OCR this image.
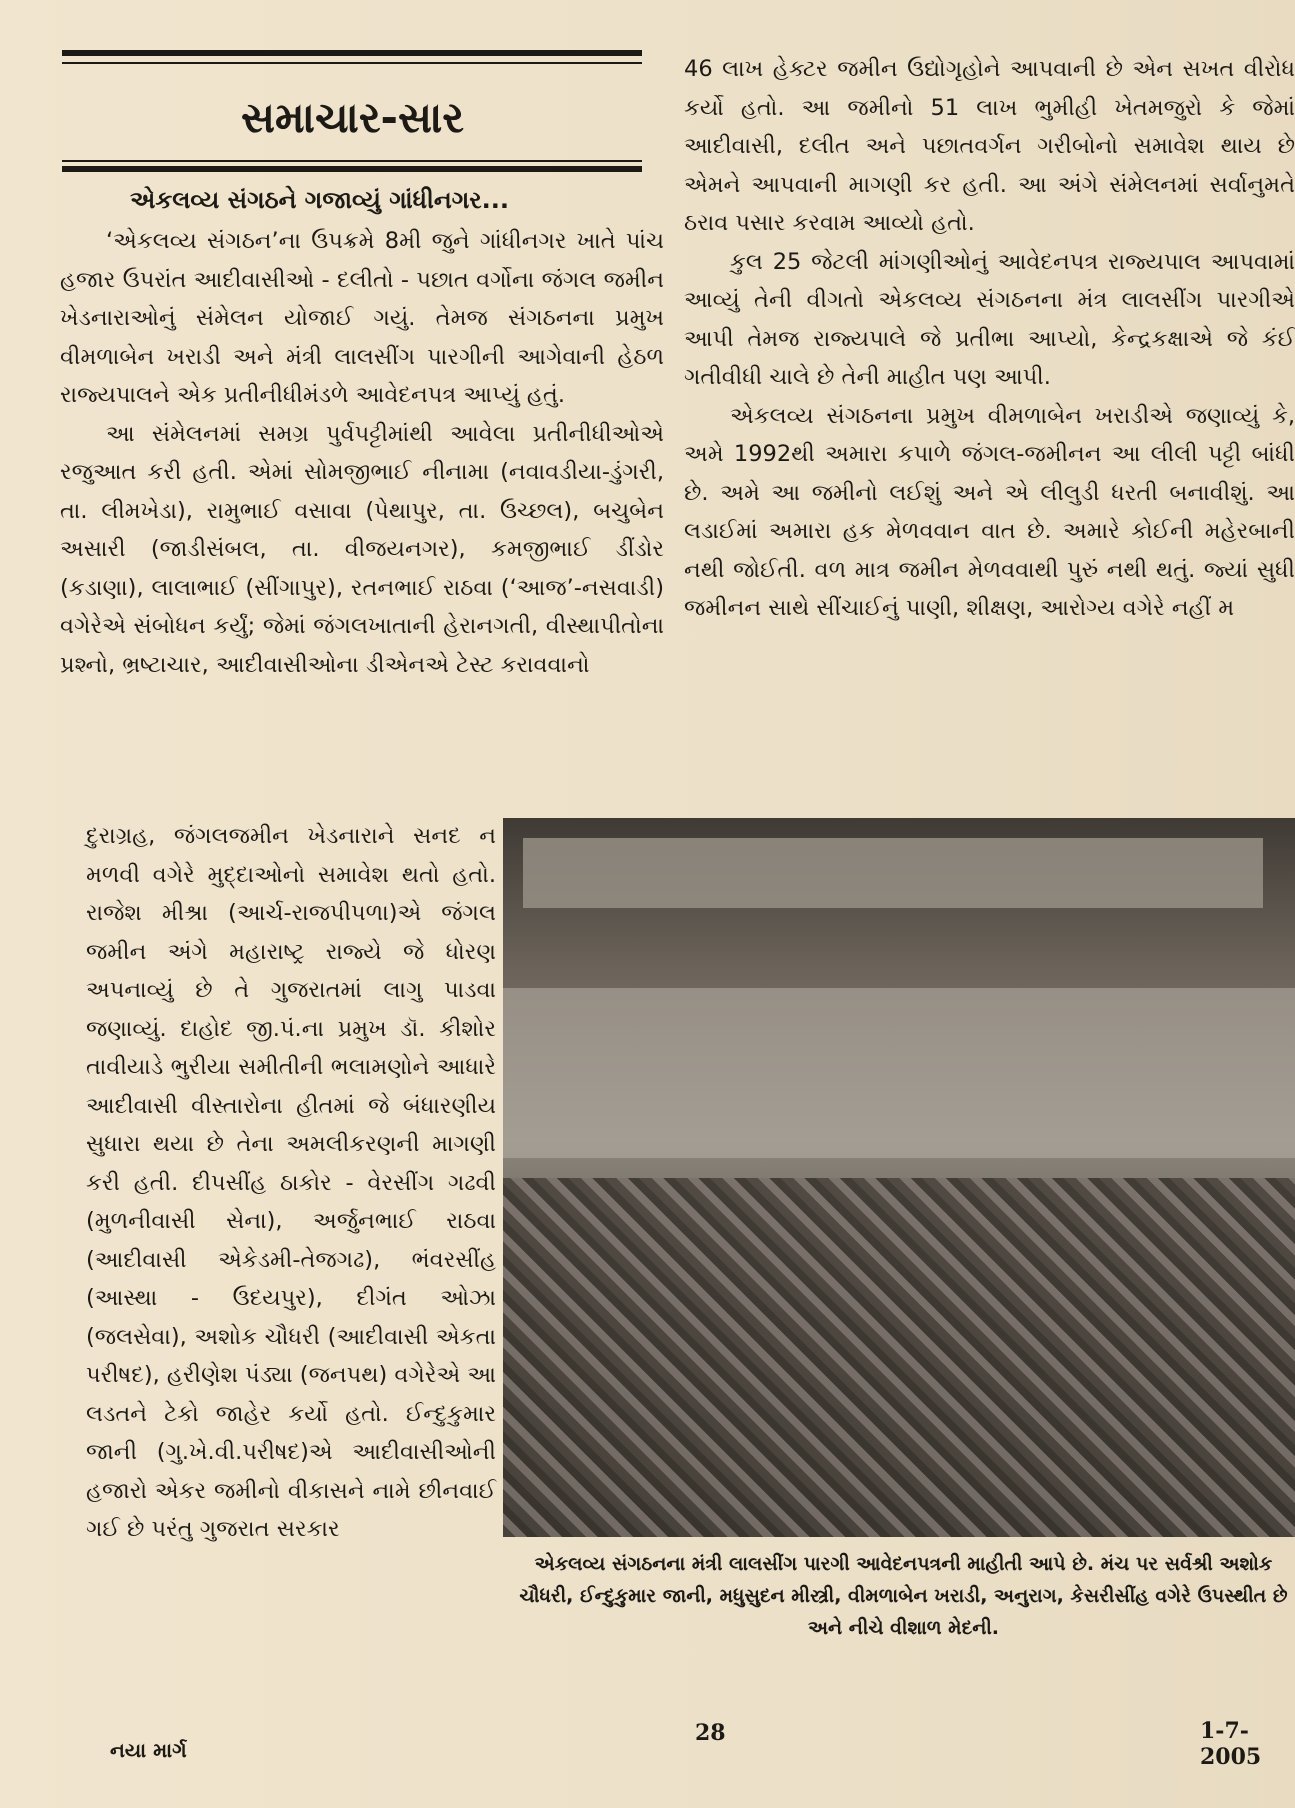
સમાચાર-સાર
એકલવ્ય સંગઠને ગજાવ્યું ગાંધીનગર...

‘એકલવ્ય સંગઠન’ના ઉપક્રમે 8મી જુને ગાંધીનગર ખાતે પાંચ હજાર ઉપરાંત આદીવાસીઓ - દલીતો - પછાત વર્ગોના જંગલ જમીન ખેડનારાઓનું સંમેલન યોજાઈ ગયું. તેમજ સંગઠનના પ્રમુખ વીમળાબેન ખરાડી અને મંત્રી લાલસીંગ પારગીની આગેવાની હેઠળ રાજ્યપાલને એક પ્રતીનીધીમંડળે આવેદનપત્ર આપ્યું હતું.

આ સંમેલનમાં સમગ્ર પુર્વપટ્ટીમાંથી આવેલા પ્રતીનીધીઓએ રજુઆત કરી હતી. એમાં સોમજીભાઈ નીનામા (નવાવડીયા-ડુંગરી, તા. લીમખેડા), રામુભાઈ વસાવા (પેથાપુર, તા. ઉચ્છલ), બચુબેન અસારી (જાડીસંબલ, તા. વીજયનગર), કમજીભાઈ ડીંડોર (કડાણા), લાલાભાઈ (સીંગાપુર), રતનભાઈ રાઠવા (‘આજ’-નસવાડી) વગેરેએ સંબોધન કર્યું; જેમાં જંગલખાતાની હેરાનગતી, વીસ્થાપીતોના પ્રશ્નો, ભ્રષ્ટાચાર, આદીવાસીઓના ડીએનએ ટેસ્ટ કરાવવાનો

દુરાગ્રહ, જંગલજમીન ખેડનારાને સનદ ન મળવી વગેરે મુદ્દાઓનો સમાવેશ થતો હતો. રાજેશ મીશ્રા (આર્ચ-રાજપીપળા)એ જંગલ જમીન અંગે મહારાષ્ટ્ર રાજ્યે જે ધોરણ અપનાવ્યું છે તે ગુજરાતમાં લાગુ પાડવા જણાવ્યું. દાહોદ જી.પં.ના પ્રમુખ ડૉ. કીશોર તાવીયાડે ભુરીયા સમીતીની ભલામણોને આધારે આદીવાસી વીસ્તારોના હીતમાં જે બંધારણીય સુધારા થયા છે તેના અમલીકરણની માગણી કરી હતી. દીપસીંહ ઠાકોર - વેરસીંગ ગઢવી (મુળનીવાસી સેના), અર્જુનભાઈ રાઠવા (આદીવાસી એકેડમી-તેજગઢ), ભંવરસીંહ (આસ્થા - ઉદયપુર), દીગંત ઓઝા (જલસેવા), અશોક ચૌધરી (આદીવાસી એકતા પરીષદ), હરીણેશ પંડ્યા (જનપથ) વગેરેએ આ લડતને ટેકો જાહેર કર્યો હતો. ઈન્દુકુમાર જાની (ગુ.ખે.વી.પરીષદ)એ આદીવાસીઓની હજારો એકર જમીનો વીકાસને નામે છીનવાઈ ગઈ છે પરંતુ ગુજરાત સરકાર

46 લાખ હેક્ટર જમીન ઉદ્યોગૃહોને આપવાની છે એન સખત વીરોધ કર્યો હતો. આ જમીનો 51 લાખ ભુમીહી ખેતમજુરો કે જેમાં આદીવાસી, દલીત અને પછાતવર્ગન ગરીબોનો સમાવેશ થાય છે એમને આપવાની માગણી કર હતી. આ અંગે સંમેલનમાં સર્વાનુમતે ઠરાવ પસાર કરવામ આવ્યો હતો.

કુલ 25 જેટલી માંગણીઓનું આવેદનપત્ર રાજ્યપાલ આપવામાં આવ્યું તેની વીગતો એકલવ્ય સંગઠનના મંત્ર લાલસીંગ પારગીએ આપી તેમજ રાજ્યપાલે જે પ્રતીભા આપ્યો, કેન્દ્રકક્ષાએ જે કંઈ ગતીવીધી ચાલે છે તેની માહીત પણ આપી.

એકલવ્ય સંગઠનના પ્રમુખ વીમળાબેન ખરાડીએ જણાવ્યું કે, અમે 1992થી અમારા કપાળે જંગલ-જમીનન આ લીલી પટ્ટી બાંધી છે. અમે આ જમીનો લઈશું અને એ લીલુડી ધરતી બનાવીશું. આ લડાઈમાં અમારા હક મેળવવાન વાત છે. અમારે કોઈની મહેરબાની નથી જોઈતી. વળ માત્ર જમીન મેળવવાથી પુરું નથી થતું. જ્યાં સુધી જમીનન સાથે સીંચાઈનું પાણી, શીક્ષણ, આરોગ્ય વગેરે નહીં મ

એકલવ્ય સંગઠનના મંત્રી લાલસીંગ પારગી આવેદનપત્રની માહીતી આપે છે. મંચ પર સર્વશ્રી અશોક ચૌધરી, ઈન્દુકુમાર જાની, મધુસુદન મીસ્ત્રી, વીમળાબેન ખરાડી, અનુરાગ, કેસરીસીંહ વગેરે ઉપસ્થીત છે અને નીચે વીશાળ મેદની.
નયા માર્ગ
28	1-7-2005
